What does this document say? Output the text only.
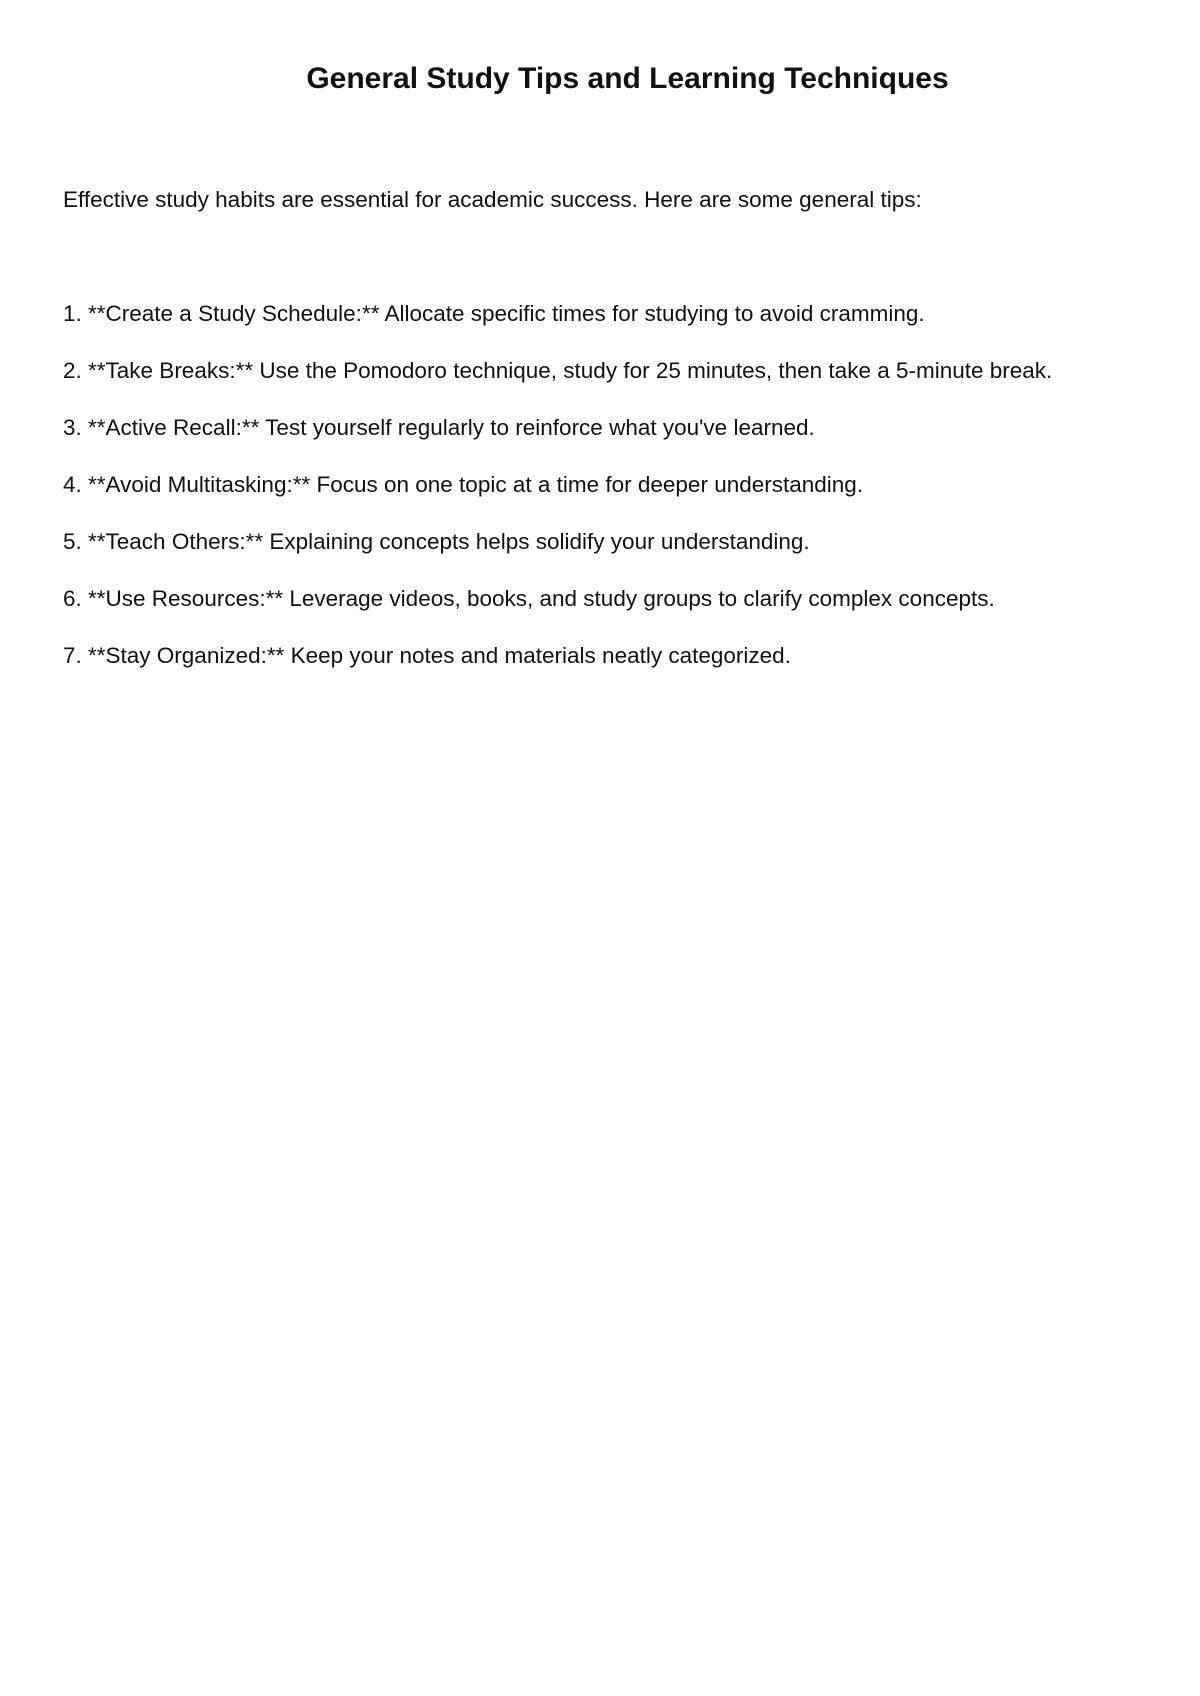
General Study Tips and Learning Techniques

Effective study habits are essential for academic success. Here are some general tips:

1. **Create a Study Schedule:** Allocate specific times for studying to avoid cramming.
2. **Take Breaks:** Use the Pomodoro technique, study for 25 minutes, then take a 5-minute break.
3. **Active Recall:** Test yourself regularly to reinforce what you've learned.
4. **Avoid Multitasking:** Focus on one topic at a time for deeper understanding.
5. **Teach Others:** Explaining concepts helps solidify your understanding.
6. **Use Resources:** Leverage videos, books, and study groups to clarify complex concepts.
7. **Stay Organized:** Keep your notes and materials neatly categorized.
